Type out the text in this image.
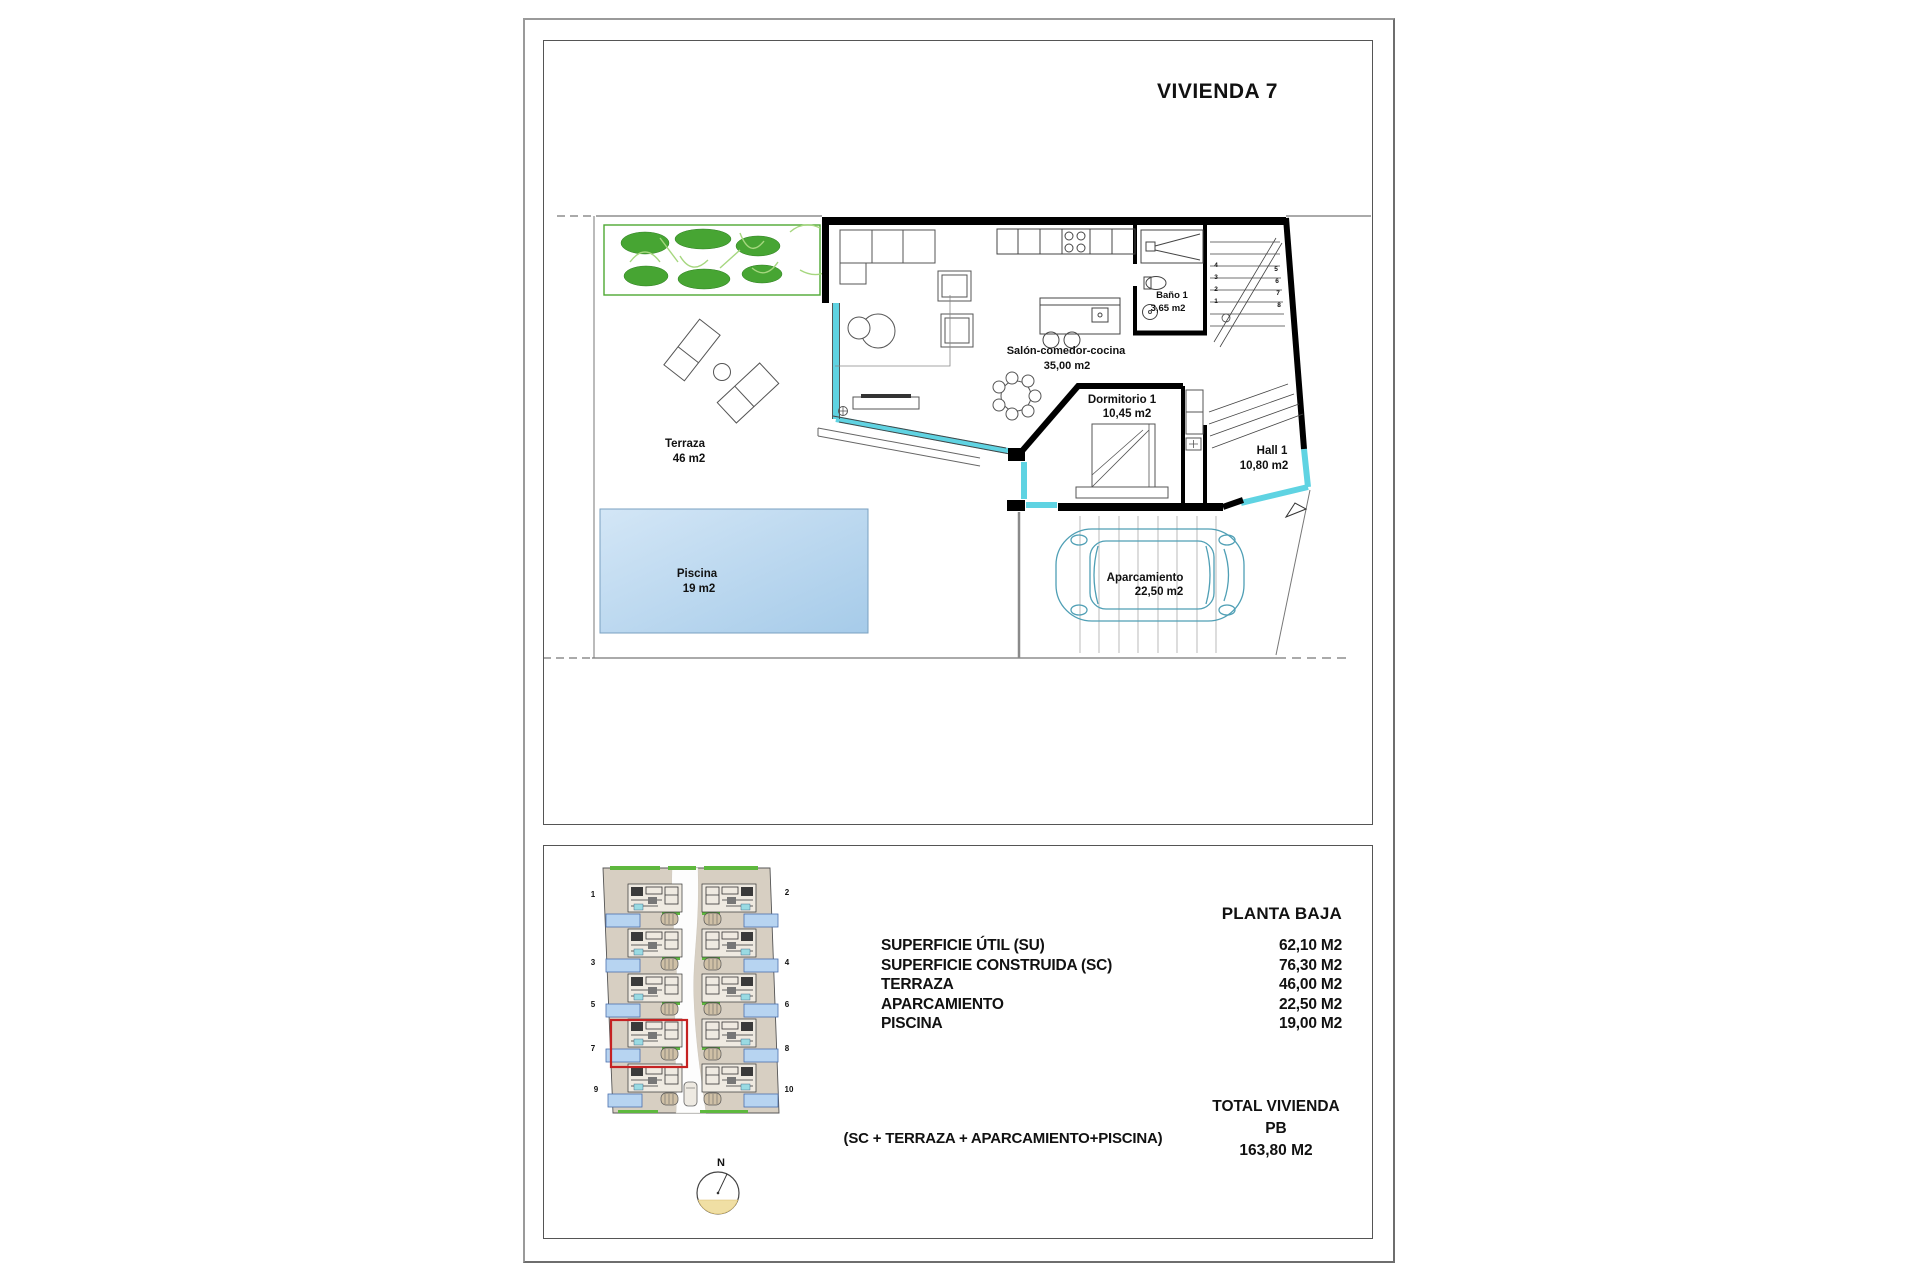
VIVIENDA 7
PLANTA BAJA
SUPERFICIE ÚTIL (SU)	62,10 M2
SUPERFICIE CONSTRUIDA (SC)	76,30 M2
TERRAZA	46,00 M2
APARCAMIENTO	22,50 M2
PISCINA	19,00 M2
(SC + TERRAZA + APARCAMIENTO+PISCINA)
TOTAL VIVIENDA PB
163,80 M2
4
3
2
1
5
6
7
8
Terraza
46 m2
Piscina
19 m2
Salón-comedor-cocina
35,00 m2
Baño 1
3,65 m2
Dormitorio 1
10,45 m2
Hall 1
10,80 m2
Aparcamiento
22,50 m2
1	2
3	4
5	6
7	8
9	10
N
